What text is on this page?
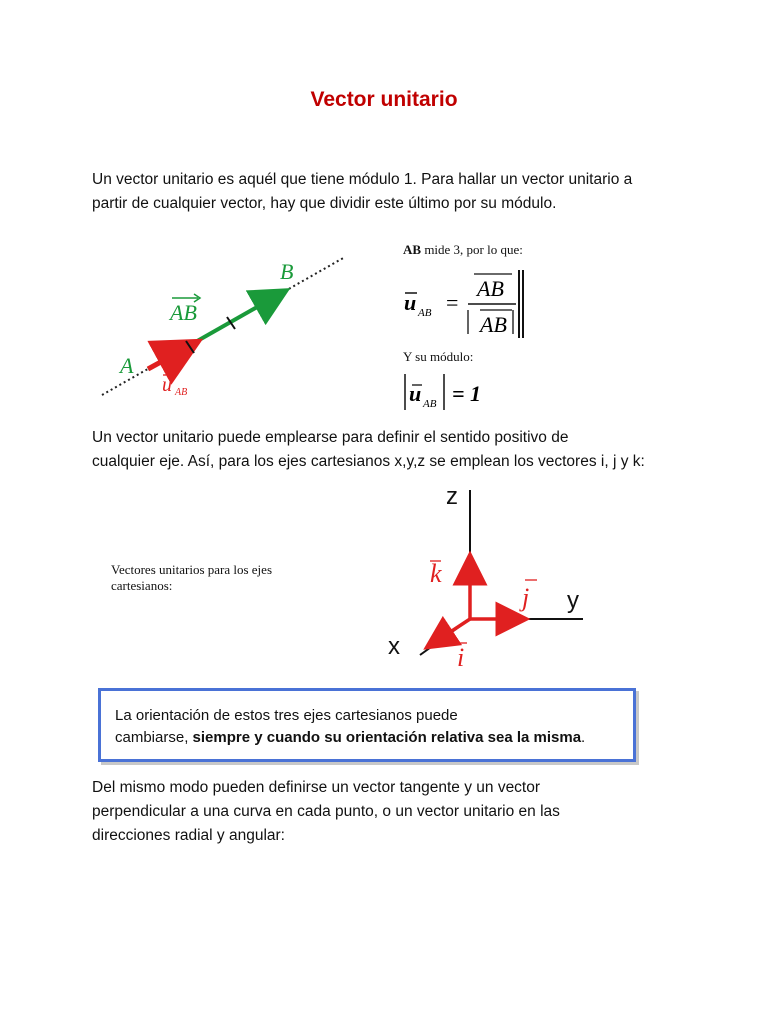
Vector unitario
Un vector unitario es aquél que tiene módulo 1. Para hallar un vector unitario a
partir de cualquier vector, hay que dividir este último por su módulo.
A
B
AB
u AB
AB mide 3, por lo que:
u AB =
AB
AB
Y su módulo:
u AB = 1
Un vector unitario puede emplearse para definir el sentido positivo de
cualquier eje. Así, para los ejes cartesianos x,y,z se emplean los vectores i, j y k:
Vectores unitarios para los ejes
cartesianos:
z
y
x
k
j
i
La orientación de estos tres ejes cartesianos puede
cambiarse, siempre y cuando su orientación relativa sea la misma.
Del mismo modo pueden definirse un vector tangente y un vector
perpendicular a una curva en cada punto, o un vector unitario en las
direcciones radial y angular:
